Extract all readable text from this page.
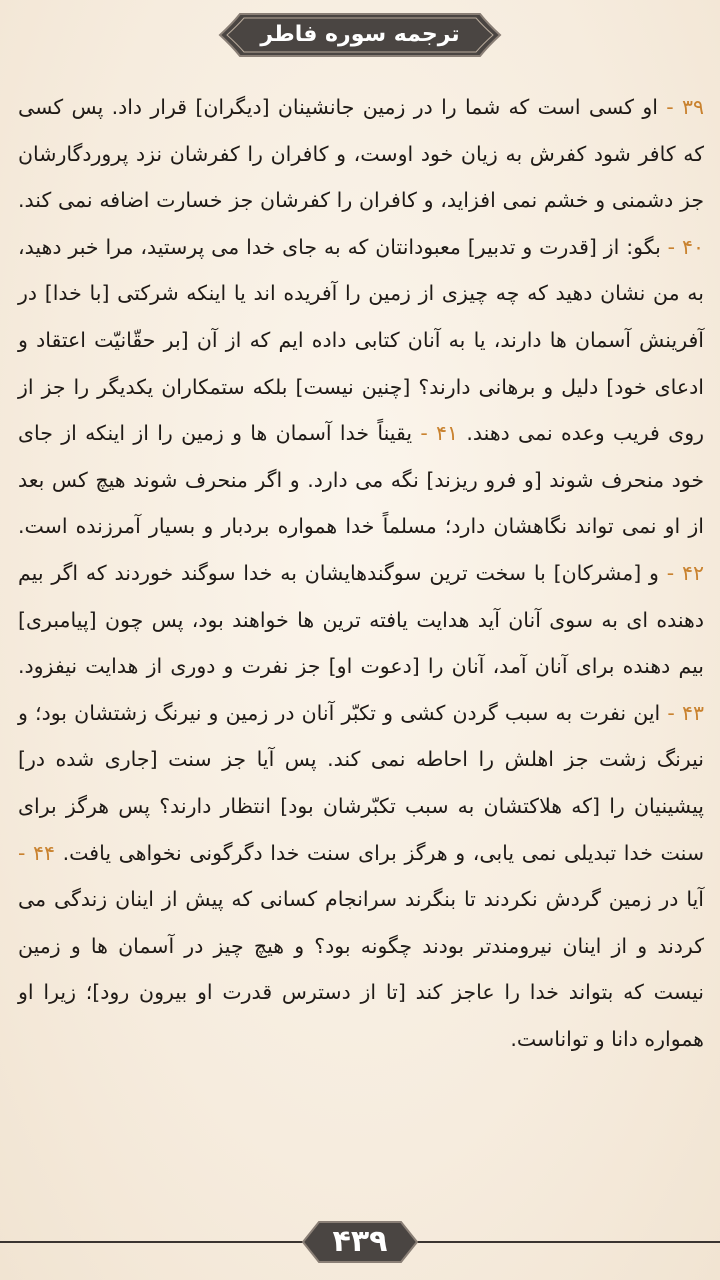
ترجمه سوره فاطر
۳۹ - او کسی است که شما را در زمین جانشینان [دیگران] قرار داد. پس کسی که کافر شود کفرش به زیان خود اوست، و کافران را کفرشان نزد پروردگارشان جز دشمنی و خشم نمی افزاید، و کافران را کفرشان جز خسارت اضافه نمی کند. ۴۰ - بگو: از [قدرت و تدبیر] معبودانتان که به جای خدا می پرستید، مرا خبر دهید، به من نشان دهید که چه چیزی از زمین را آفریده اند یا اینکه شرکتی [با خدا] در آفرینش آسمان ها دارند، یا به آنان کتابی داده ایم که از آن [بر حقّانیّت اعتقاد و ادعای خود] دلیل و برهانی دارند؟ [چنین نیست] بلکه ستمکاران یکدیگر را جز از روی فریب وعده نمی دهند. ۴۱ - یقیناً خدا آسمان ها و زمین را از اینکه از جای خود منحرف شوند [و فرو ریزند] نگه می دارد. و اگر منحرف شوند هیچ کس بعد از او نمی تواند نگاهشان دارد؛ مسلماً خدا همواره بردبار و بسیار آمرزنده است. ۴۲ - و [مشرکان] با سخت ترین سوگندهایشان به خدا سوگند خوردند که اگر بیم دهنده ای به سوی آنان آید هدایت یافته ترین ها خواهند بود، پس چون [پیامبری] بیم دهنده برای آنان آمد، آنان را [دعوت او] جز نفرت و دوری از هدایت نیفزود. ۴۳ - این نفرت به سبب گردن کشی و تکبّر آنان در زمین و نیرنگ زشتشان بود؛ و نیرنگ زشت جز اهلش را احاطه نمی کند. پس آیا جز سنت [جاری شده در] پیشینیان را [که هلاکتشان به سبب تکبّرشان بود] انتظار دارند؟ پس هرگز برای سنت خدا تبدیلی نمی یابی، و هرگز برای سنت خدا دگرگونی نخواهی یافت. ۴۴ - آیا در زمین گردش نکردند تا بنگرند سرانجام کسانی که پیش از اینان زندگی می کردند و از اینان نیرومندتر بودند چگونه بود؟ و هیچ چیز در آسمان ها و زمین نیست که بتواند خدا را عاجز کند [تا از دسترس قدرت او بیرون رود]؛ زیرا او همواره دانا و تواناست.
۴۳۹
